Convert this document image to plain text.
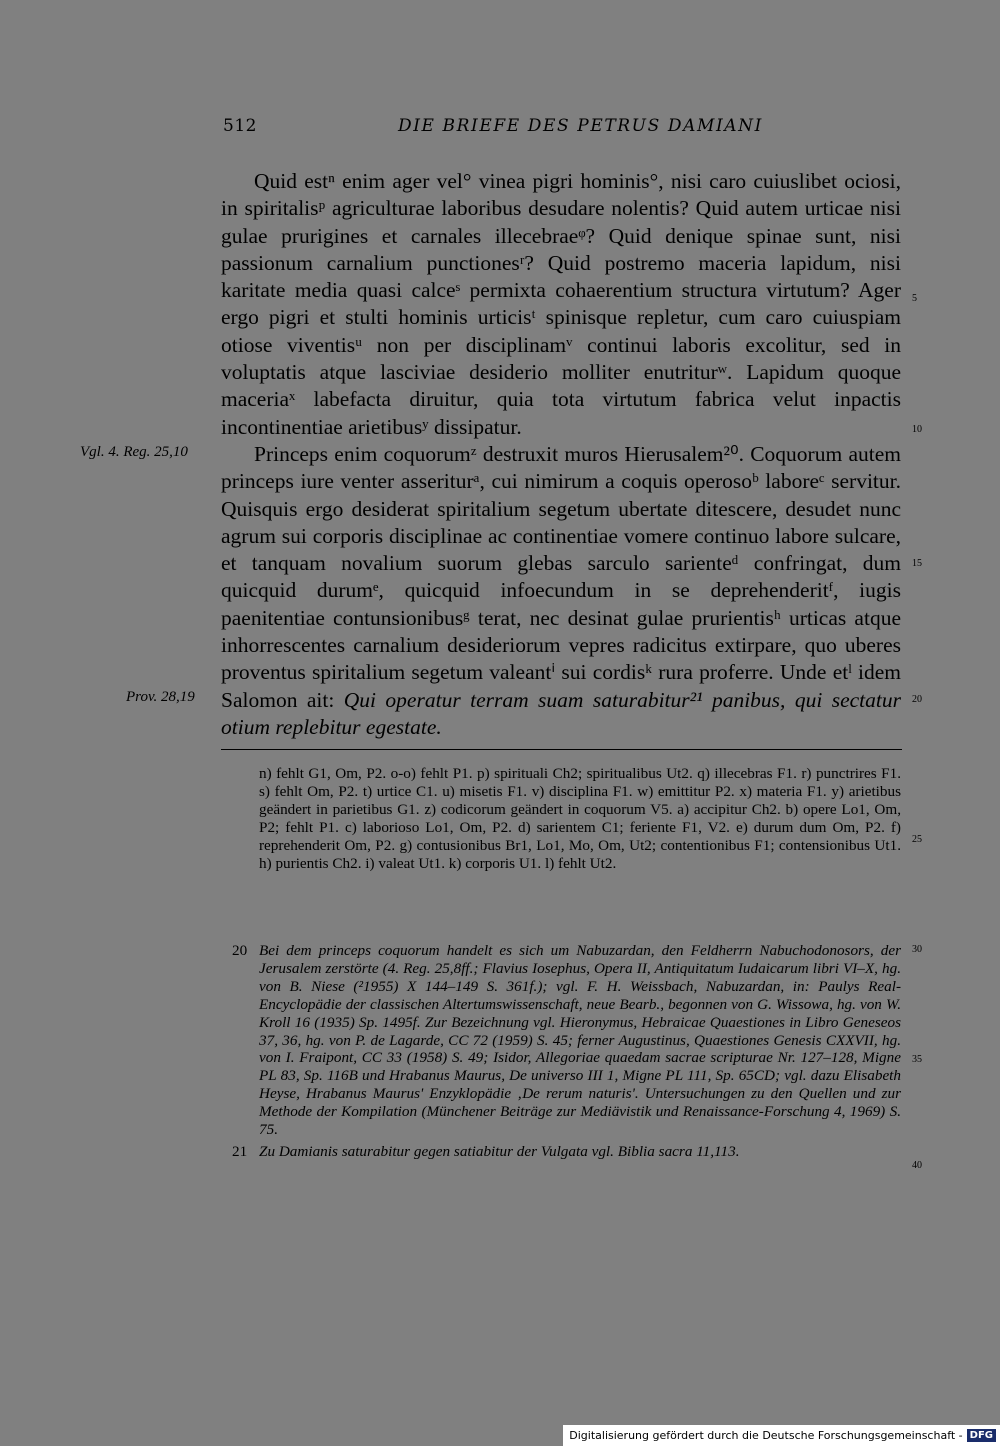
512	DIE BRIEFE DES PETRUS DAMIANI

Quid estⁿ enim ager vel° vinea pigri hominis°, nisi caro cuiuslibet ociosi, in spiritalisᵖ agriculturae laboribus desudare nolentis? Quid autem urticae nisi gulae prurigines et carnales illecebraeᵠ? Quid denique spinae sunt, nisi passionum carnalium punctionesʳ? Quid postremo maceria lapidum, nisi karitate media quasi calceˢ permixta cohaerentium structura virtutum? Ager ergo pigri et stulti hominis urticisᵗ spinisque repletur, cum caro cuiuspiam otiose viventisᵘ non per disciplinamᵛ continui laboris excolitur, sed in voluptatis atque lasciviae desiderio molliter enutriturʷ. Lapidum quoque maceriaˣ labefacta diruitur, quia tota virtutum fabrica velut inpactis incontinentiae arietibusʸ dissipatur.

Princeps enim coquorumᶻ destruxit muros Hierusalem²⁰. Coquorum autem princeps iure venter asseriturᵃ, cui nimirum a coquis operosoᵇ laboreᶜ servitur. Quisquis ergo desiderat spiritalium segetum ubertate ditescere, desudet nunc agrum sui corporis disciplinae ac continentiae vomere continuo labore sulcare, et tanquam novalium suorum glebas sarculo sarienteᵈ confringat, dum quicquid durumᵉ, quicquid infoecundum in se deprehenderitᶠ, iugis paenitentiae contunsionibusᵍ terat, nec desinat gulae prurientisʰ urticas atque inhorrescentes carnalium desideriorum vepres radicitus extirpare, quo uberes proventus spiritalium segetum valeantⁱ sui cordisᵏ rura proferre. Unde etˡ idem Salomon ait: Qui operatur terram suam saturabitur²¹ panibus, qui sectatur otium replebitur egestate.

Vgl. 4. Reg. 25,10
Prov. 28,19
5
10
15
20
25
30
35
40
n) fehlt G1, Om, P2. o-o) fehlt P1. p) spirituali Ch2; spiritualibus Ut2. q) illecebras F1. r) punctrires F1. s) fehlt Om, P2. t) urtice C1. u) misetis F1. v) disciplina F1. w) emittitur P2. x) materia F1. y) arietibus geändert in parietibus G1. z) codicorum geändert in coquorum V5. a) accipitur Ch2. b) opere Lo1, Om, P2; fehlt P1. c) laborioso Lo1, Om, P2. d) sarientem C1; feriente F1, V2. e) durum dum Om, P2. f) reprehenderit Om, P2. g) contusionibus Br1, Lo1, Mo, Om, Ut2; contentionibus F1; contensionibus Ut1. h) purientis Ch2. i) valeat Ut1. k) corporis U1. l) fehlt Ut2.
20 Bei dem princeps coquorum handelt es sich um Nabuzardan, den Feldherrn Nabuchodonosors, der Jerusalem zerstörte (4. Reg. 25,8ff.; Flavius Iosephus, Opera II, Antiquitatum Iudaicarum libri VI–X, hg. von B. Niese (²1955) X 144–149 S. 361f.); vgl. F. H. Weissbach, Nabuzardan, in: Paulys Real-Encyclopädie der classischen Altertumswissenschaft, neue Bearb., begonnen von G. Wissowa, hg. von W. Kroll 16 (1935) Sp. 1495f. Zur Bezeichnung vgl. Hieronymus, Hebraicae Quaestiones in Libro Geneseos 37, 36, hg. von P. de Lagarde, CC 72 (1959) S. 45; ferner Augustinus, Quaestiones Genesis CXXVII, hg. von I. Fraipont, CC 33 (1958) S. 49; Isidor, Allegoriae quaedam sacrae scripturae Nr. 127–128, Migne PL 83, Sp. 116B und Hrabanus Maurus, De universo III 1, Migne PL 111, Sp. 65CD; vgl. dazu Elisabeth Heyse, Hrabanus Maurus' Enzyklopädie ‚De rerum naturis'. Untersuchungen zu den Quellen und zur Methode der Kompilation (Münchener Beiträge zur Mediävistik und Renaissance-Forschung 4, 1969) S. 75.
21 Zu Damianis saturabitur gegen satiabitur der Vulgata vgl. Biblia sacra 11,113.
Digitalisierung gefördert durch die Deutsche Forschungsgemeinschaft - DFG
